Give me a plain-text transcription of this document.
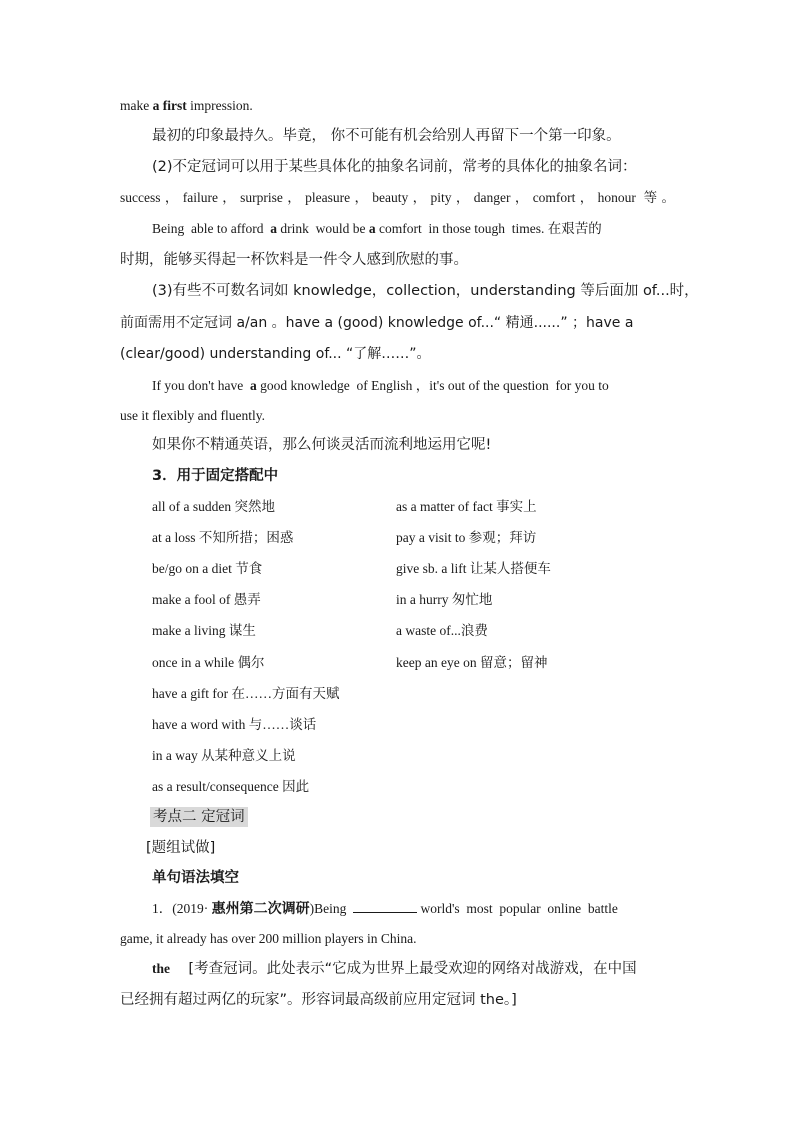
make a first impression.
最初的印象最持久。毕竟， 你不可能有机会给别人再留下一个第一印象。
(2)不定冠词可以用于某些具体化的抽象名词前，常考的具体化的抽象名词：
success，failure，surprise，pleasure，beauty，pity，danger，comfort，honour 等。
Being  able to afford  a drink  would be a comfort  in those tough  times. 在艰苦的
时期，能够买得起一杯饮料是一件令人感到欣慰的事。
(3)有些不可数名词如 knowledge，collection，understanding 等后面加 of...时，
前面需用不定冠词 a/an 。have a (good) knowledge of...“ 精通......” ；have a
(clear/good) understanding of... “了解……”。
If you don't have  a good knowledge  of English ，it's out of the question  for you to
use it flexibly and fluently.
如果你不精通英语，那么何谈灵活而流利地运用它呢!
3．用于固定搭配中
all of a sudden 突然地	as a matter of fact 事实上
at a loss 不知所措；困惑	pay a visit to 参观；拜访
be/go on a diet 节食	give sb. a lift 让某人搭便车
make a fool of 愚弄	in a hurry 匆忙地
make a living 谋生	a waste of...浪费
once in a while 偶尔	keep an eye on 留意；留神
have a gift for 在……方面有天赋
have a word with 与……谈话
in a way 从某种意义上说
as a result/consequence 因此
考点二 定冠词
[题组试做]
单句语法填空
1．(2019· 惠州第二次调研)Being	world's  most  popular  online  battle
game, it already has over 200 million players in China.
the    [考查冠词。此处表示“它成为世界上最受欢迎的网络对战游戏，在中国
已经拥有超过两亿的玩家”。形容词最高级前应用定冠词 the。]
